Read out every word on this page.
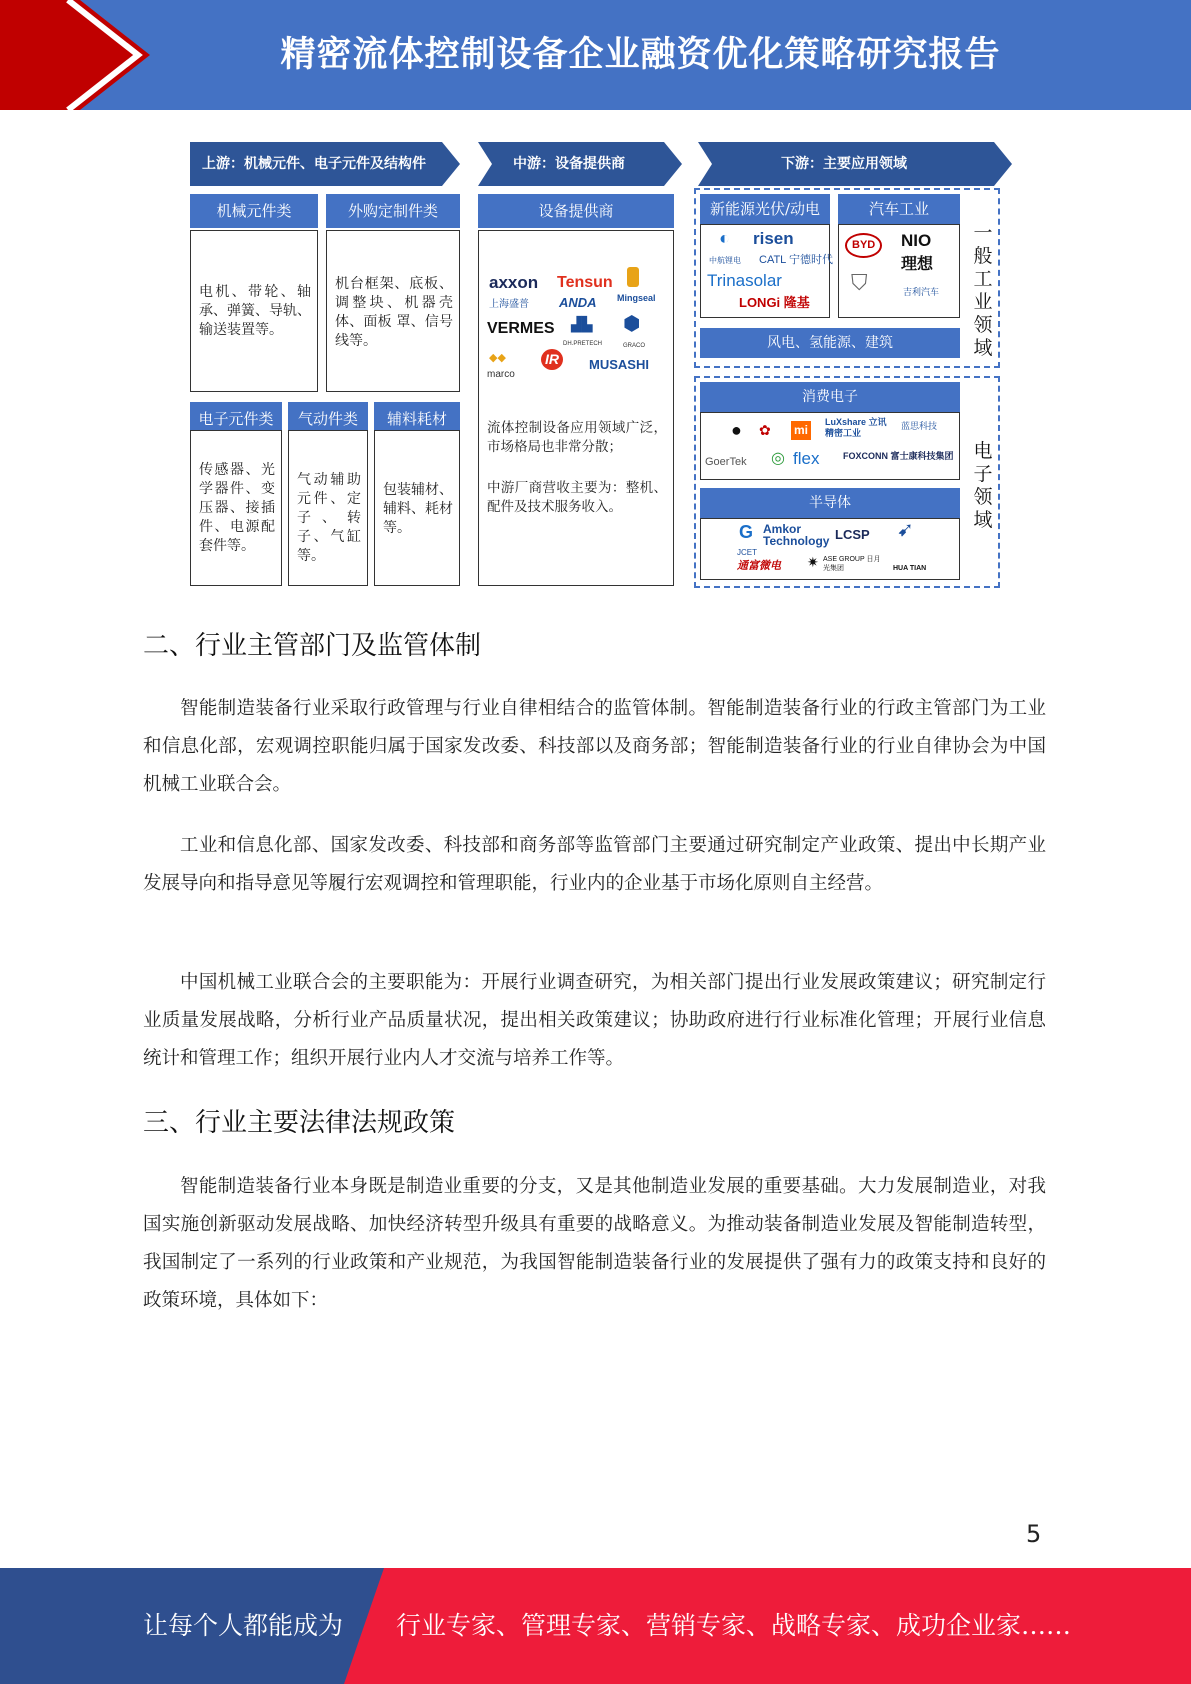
精密流体控制设备企业融资优化策略研究报告
上游：机械元件、电子元件及结构件	中游：设备提供商	下游：主要应用领域
机械元件类
电机、带轮、轴承、弹簧、导轨、输送装置等。
外购定制件类
机台框架、底板、调整块、机器壳体、面板 罩、信号线等。
电子元件类
传感器、光学器件、变压器、接插件、电源配套件等。
气动件类
气动辅助元件、定子、转子、气缸等。
辅料耗材
包装辅材、辅料、耗材等。
设备提供商
axxon Tensun
Mingseal
上海盛普 ANDA
VERMES ▟▙
DH.PRETECH
⬢
GRACO
◆◆
marco
IR	MUSASHI
流体控制设备应用领域广泛，市场格局也非常分散；
中游厂商营收主要为：整机、配件及技术服务收入。
新能源光伏/动电
◐
中航锂电
risen
CATL 宁德时代
Trinasolar
LONGi 隆基
汽车工业
BYD	NIO
理想
⛉	吉利汽车
风电、氢能源、建筑
一般工业领域
消费电子
● ✿ mi
LuXshare 立讯精密工业
蓝思科技
GoerTek ◎ flex	FOXCONN 富士康科技集团
半导体
G
JCET
Amkor Technology LCSP ➹
HUA TIAN
通富微电 ✷ ASE GROUP 日月光集团
电子领域
二、行业主管部门及监管体制
智能制造装备行业采取行政管理与行业自律相结合的监管体制。智能制造装备行业的行政主管部门为工业和信息化部，宏观调控职能归属于国家发改委、科技部以及商务部；智能制造装备行业的行业自律协会为中国机械工业联合会。
工业和信息化部、国家发改委、科技部和商务部等监管部门主要通过研究制定产业政策、提出中长期产业发展导向和指导意见等履行宏观调控和管理职能，行业内的企业基于市场化原则自主经营。
中国机械工业联合会的主要职能为：开展行业调查研究，为相关部门提出行业发展政策建议；研究制定行业质量发展战略，分析行业产品质量状况，提出相关政策建议；协助政府进行行业标准化管理；开展行业信息统计和管理工作；组织开展行业内人才交流与培养工作等。
三、行业主要法律法规政策
智能制造装备行业本身既是制造业重要的分支，又是其他制造业发展的重要基础。大力发展制造业，对我国实施创新驱动发展战略、加快经济转型升级具有重要的战略意义。为推动装备制造业发展及智能制造转型，我国制定了一系列的行业政策和产业规范，为我国智能制造装备行业的发展提供了强有力的政策支持和良好的政策环境，具体如下：
5
让每个人都能成为 行业专家、管理专家、营销专家、战略专家、成功企业家……
